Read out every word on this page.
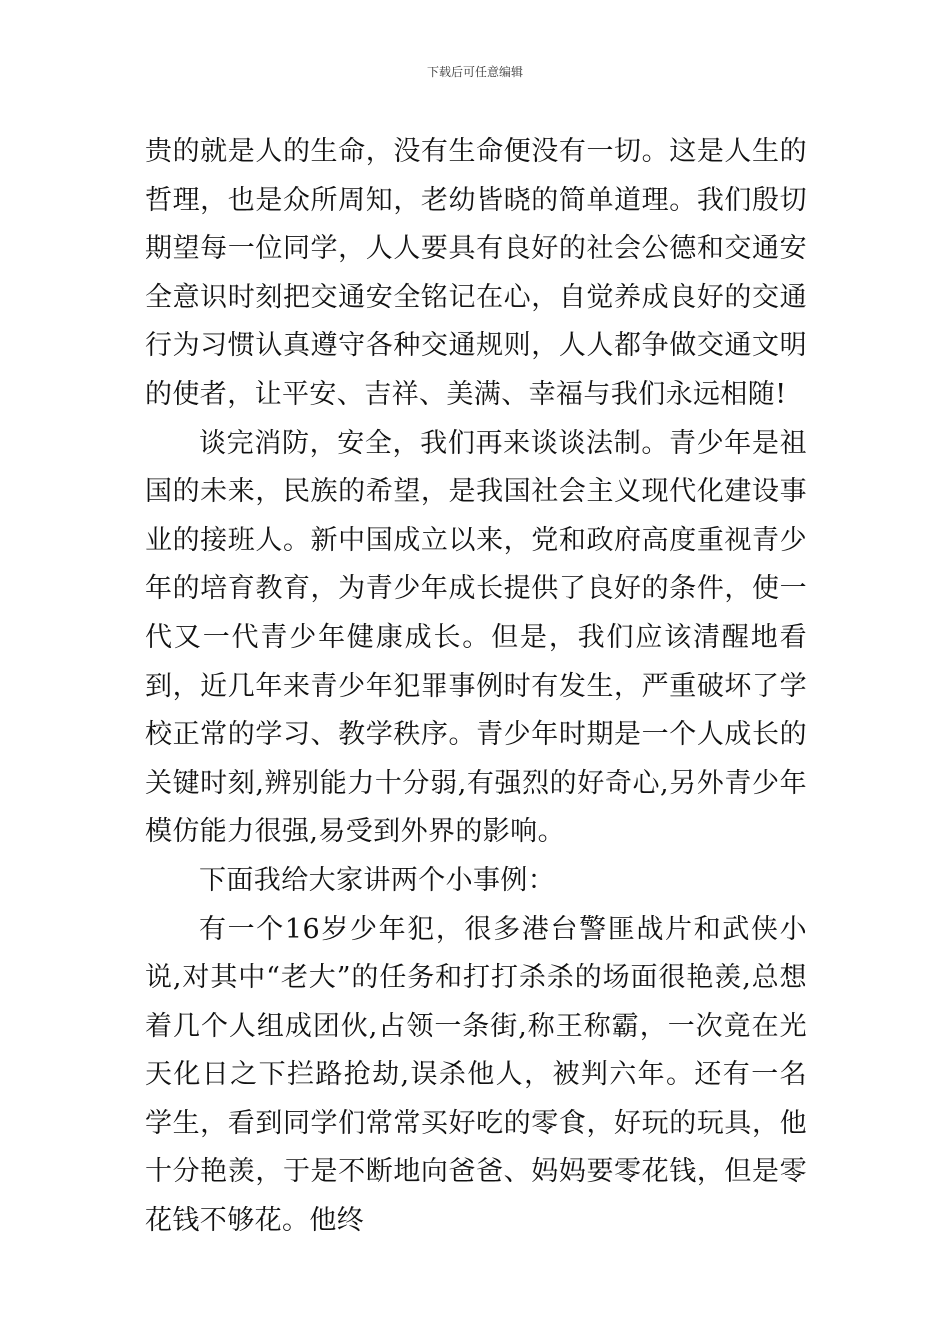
下载后可任意编辑

贵的就是人的生命，没有生命便没有一切。这是人生的哲理，也是众所周知，老幼皆晓的简单道理。我们殷切期望每一位同学，人人要具有良好的社会公德和交通安全意识时刻把交通安全铭记在心，自觉养成良好的交通行为习惯认真遵守各种交通规则，人人都争做交通文明的使者，让平安、吉祥、美满、幸福与我们永远相随!

谈完消防，安全，我们再来谈谈法制。青少年是祖国的未来，民族的希望，是我国社会主义现代化建设事业的接班人。新中国成立以来，党和政府高度重视青少年的培育教育，为青少年成长提供了良好的条件，使一代又一代青少年健康成长。但是，我们应该清醒地看到，近几年来青少年犯罪事例时有发生，严重破坏了学校正常的学习、教学秩序。青少年时期是一个人成长的关键时刻,辨别能力十分弱,有强烈的好奇心,另外青少年模仿能力很强,易受到外界的影响。

下面我给大家讲两个小事例：

有一个16岁少年犯，很多港台警匪战片和武侠小说,对其中“老大”的任务和打打杀杀的场面很艳羡,总想着几个人组成团伙,占领一条街,称王称霸，一次竟在光天化日之下拦路抢劫,误杀他人，被判六年。还有一名学生，看到同学们常常买好吃的零食，好玩的玩具，他十分艳羡，于是不断地向爸爸、妈妈要零花钱，但是零花钱不够花。他终
